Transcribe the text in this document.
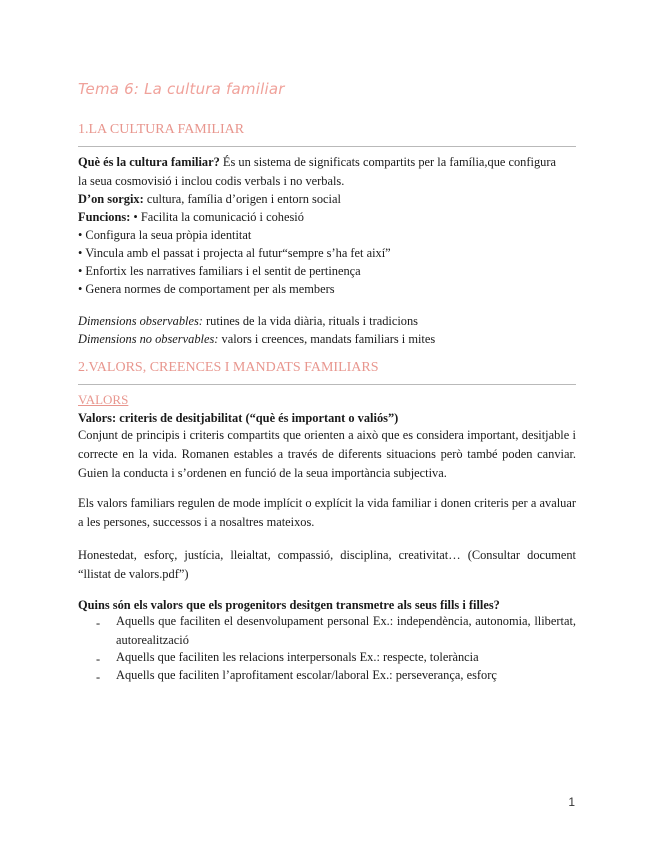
Tema 6: La cultura familiar
1.LA CULTURA FAMILIAR
Què és la cultura familiar? És un sistema de significats compartits per la família,que configura
la seua cosmovisió i inclou codis verbals i no verbals.
D’on sorgix: cultura, família d’origen i entorn social
Funcions: • Facilita la comunicació i cohesió
• Configura la seua pròpia identitat
• Vincula amb el passat i projecta al futur“sempre s’ha fet així”
• Enfortix les narratives familiars i el sentit de pertinença
• Genera normes de comportament per als members
Dimensions observables: rutines de la vida diària, rituals i tradicions
Dimensions no observables: valors i creences, mandats familiars i mites
2.VALORS, CREENCES I MANDATS FAMILIARS
VALORS
Valors: criteris de desitjabilitat (“què és important o valiós”)
Conjunt de principis i criteris compartits que orienten a això que es considera important, desitjable i correcte en la vida. Romanen estables a través de diferents situacions però també poden canviar. Guien la conducta i s’ordenen en funció de la seua importància subjectiva.
Els valors familiars regulen de mode implícit o explícit la vida familiar i donen criteris per a avaluar a les persones, successos i a nosaltres mateixos.
Honestedat, esforç, justícia, lleialtat, compassió, disciplina, creativitat… (Consultar document “llistat de valors.pdf”)
Quins són els valors que els progenitors desitgen transmetre als seus fills i filles?
- Aquells que faciliten el desenvolupament personal Ex.: independència, autonomia, llibertat, autorealització
- Aquells que faciliten les relacions interpersonals Ex.: respecte, tolerància
- Aquells que faciliten l’aprofitament escolar/laboral Ex.: perseverança, esforç
1
